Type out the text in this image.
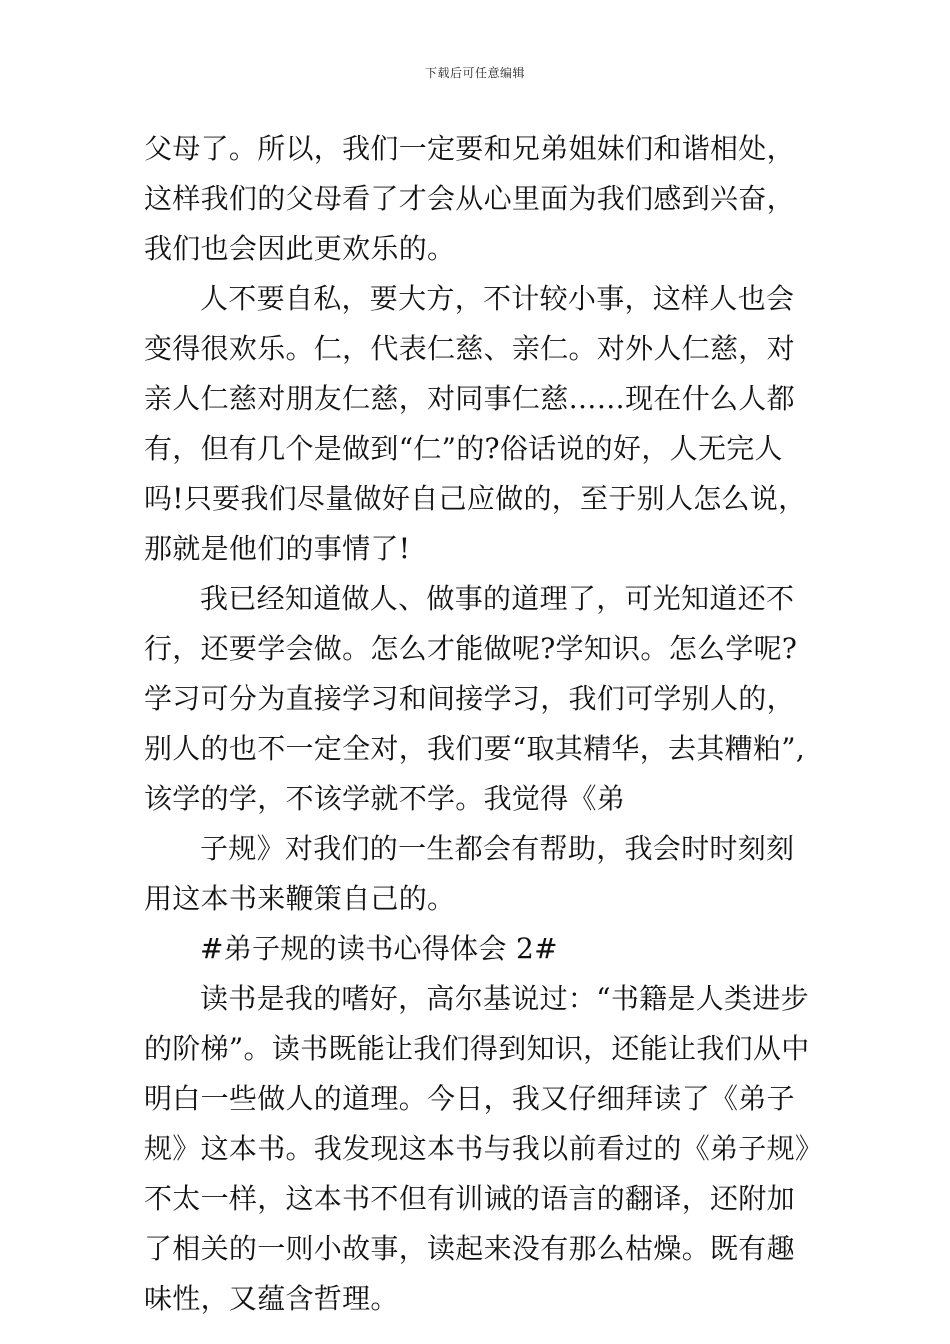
下载后可任意编辑

父母了。所以，我们一定要和兄弟姐妹们和谐相处，这样我们的父母看了才会从心里面为我们感到兴奋，我们也会因此更欢乐的。

人不要自私，要大方，不计较小事，这样人也会变得很欢乐。仁，代表仁慈、亲仁。对外人仁慈，对亲人仁慈对朋友仁慈，对同事仁慈……现在什么人都有，但有几个是做到“仁”的?俗话说的好，人无完人吗!只要我们尽量做好自己应做的，至于别人怎么说，那就是他们的事情了!

我已经知道做人、做事的道理了，可光知道还不行，还要学会做。怎么才能做呢?学知识。怎么学呢?学习可分为直接学习和间接学习，我们可学别人的，别人的也不一定全对，我们要“取其精华，去其糟粕”,该学的学，不该学就不学。我觉得《弟

子规》对我们的一生都会有帮助，我会时时刻刻用这本书来鞭策自己的。

#弟子规的读书心得体会 2#

读书是我的嗜好，高尔基说过：“书籍是人类进步的阶梯”。读书既能让我们得到知识，还能让我们从中明白一些做人的道理。今日，我又仔细拜读了《弟子规》这本书。我发现这本书与我以前看过的《弟子规》不太一样，这本书不但有训诫的语言的翻译，还附加了相关的一则小故事，读起来没有那么枯燥。既有趣味性，又蕴含哲理。
